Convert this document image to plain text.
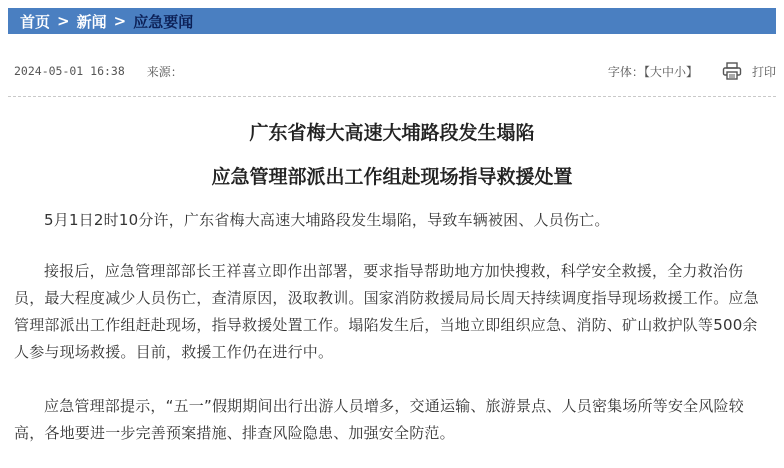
首页 > 新闻 > 应急要闻
2024-05-01 16:38 来源：	字体：【大中小】	打印
广东省梅大高速大埔路段发生塌陷
应急管理部派出工作组赴现场指导救援处置

5月1日2时10分许，广东省梅大高速大埔路段发生塌陷，导致车辆被困、人员伤亡。

接报后，应急管理部部长王祥喜立即作出部署，要求指导帮助地方加快搜救，科学安全救援，全力救治伤员，最大程度减少人员伤亡，查清原因，汲取教训。国家消防救援局局长周天持续调度指导现场救援工作。应急管理部派出工作组赶赴现场，指导救援处置工作。塌陷发生后，当地立即组织应急、消防、矿山救护队等500余人参与现场救援。目前，救援工作仍在进行中。

应急管理部提示，“五一”假期期间出行出游人员增多，交通运输、旅游景点、人员密集场所等安全风险较高，各地要进一步完善预案措施、排查风险隐患、加强安全防范。
